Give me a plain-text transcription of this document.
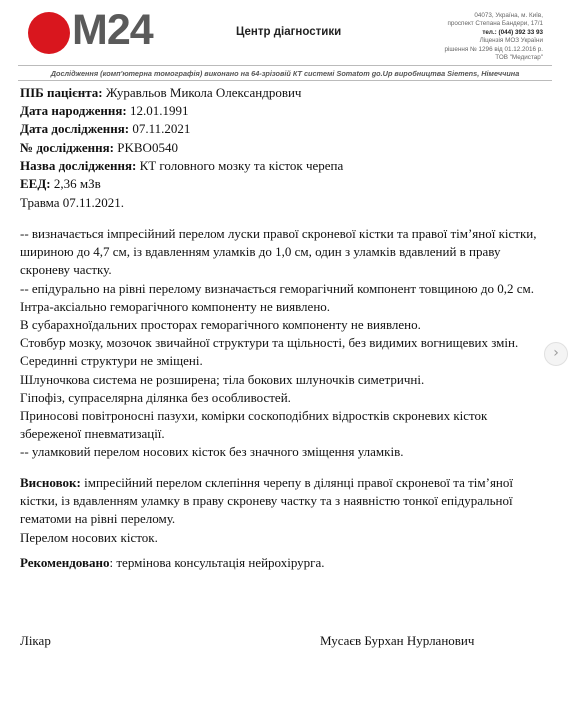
M24	Центр діагностики
04073, Україна, м. Київ,
проспект Степана Бандери, 17/1
тел.: (044) 392 33 93
Ліцензія МОЗ України
рішення № 1296 від 01.12.2016 р.
ТОВ "Медистар"
Дослідження (комп'ютерна томографія) виконано на 64-зрізовій КТ системі Somatom go.Up виробництва Siemens, Німеччина
ПІБ пацієнта: Журавльов Микола Олександрович
Дата народження: 12.01.1991
Дата дослідження: 07.11.2021
№ дослідження: PKBO0540
Назва дослідження: КТ головного мозку та кісток черепа
ЕЕД: 2,36 мЗв
Травма 07.11.2021.
-- визначається імпресійний перелом луски правої скроневої кістки та правої тім’яної кістки, шириною до 4,7 см, із вдавленням уламків до 1,0 см, один з уламків вдавлений в праву скроневу частку.
-- епідурально на рівні перелому визначається геморагічний компонент товщиною до 0,2 см.
Інтра-аксіально геморагічного компоненту не виявлено.
В субарахноїдальних просторах геморагічного компоненту не виявлено.
Стовбур мозку, мозочок звичайної структури та щільності, без видимих вогнищевих змін.
Серединні структури не зміщені.
Шлуночкова система не розширена; тіла бокових шлуночків симетричні.
Гіпофіз, супраселярна ділянка без особливостей.
Приносові повітроносні пазухи, комірки соскоподібних відростків скроневих кісток збереженої пневматизації.
-- уламковий перелом носових кісток без значного зміщення уламків.
Висновок: імпресійний перелом склепіння черепу в ділянці правої скроневої та тім’яної кістки, із вдавленням уламку в праву скроневу частку та з наявністю тонкої епідуральної гематоми на рівні перелому.
Перелом носових кісток.
Рекомендовано: термінова консультація нейрохірурга.
Лікар	Мусаєв Бурхан Нурланович
›
